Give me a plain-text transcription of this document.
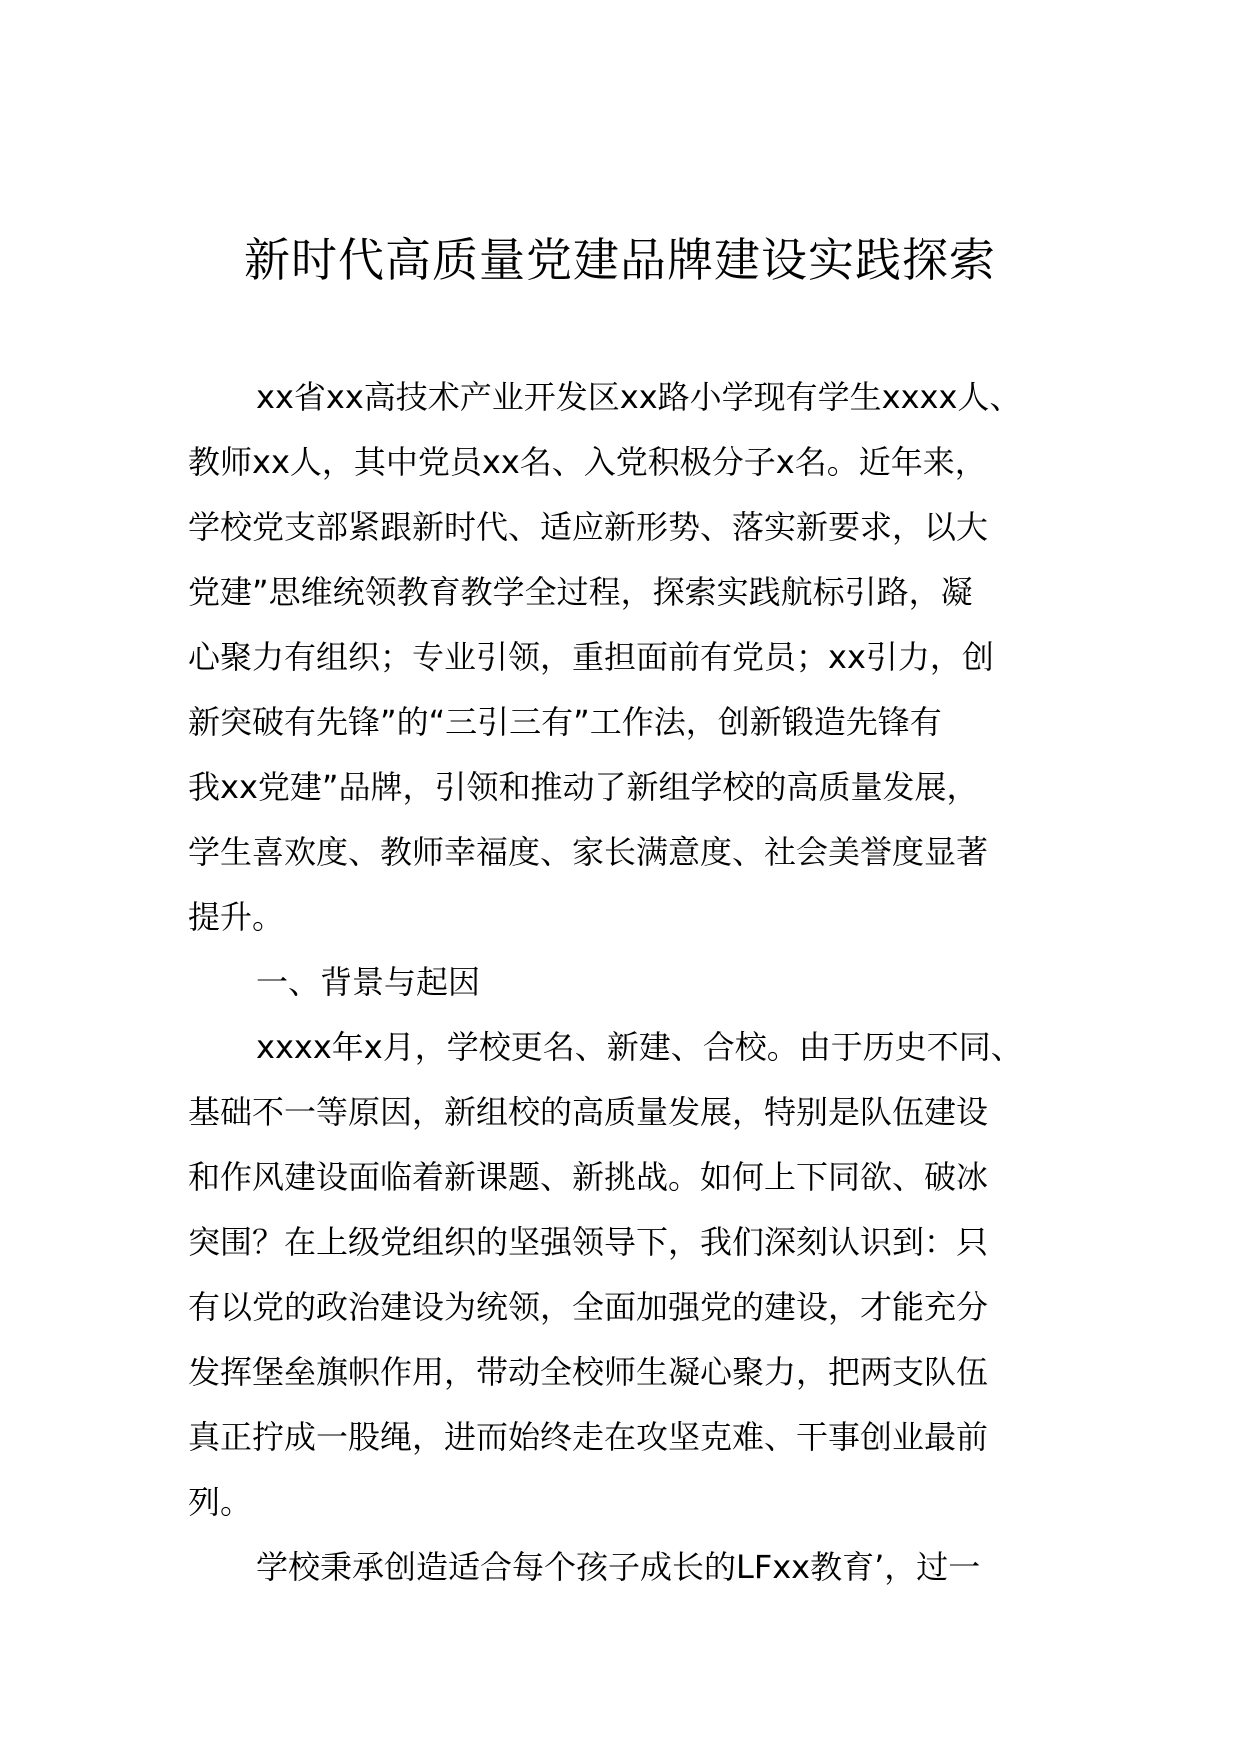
新时代高质量党建品牌建设实践探索
xx省xx高技术产业开发区xx路小学现有学生xxxx人、
教师xx人，其中党员xx名、入党积极分子x名。近年来，
学校党支部紧跟新时代、适应新形势、落实新要求，以大
党建”思维统领教育教学全过程，探索实践航标引路，凝
心聚力有组织；专业引领，重担面前有党员；xx引力，创
新突破有先锋”的“三引三有”工作法，创新锻造先锋有
我xx党建”品牌，引领和推动了新组学校的高质量发展，
学生喜欢度、教师幸福度、家长满意度、社会美誉度显著
提升。
一、背景与起因
xxxx年x月，学校更名、新建、合校。由于历史不同、
基础不一等原因，新组校的高质量发展，特别是队伍建设
和作风建设面临着新课题、新挑战。如何上下同欲、破冰
突围？在上级党组织的坚强领导下，我们深刻认识到：只
有以党的政治建设为统领，全面加强党的建设，才能充分
发挥堡垒旗帜作用，带动全校师生凝心聚力，把两支队伍
真正拧成一股绳，进而始终走在攻坚克难、干事创业最前
列。
学校秉承创造适合每个孩子成长的LFxx教育’，过一
